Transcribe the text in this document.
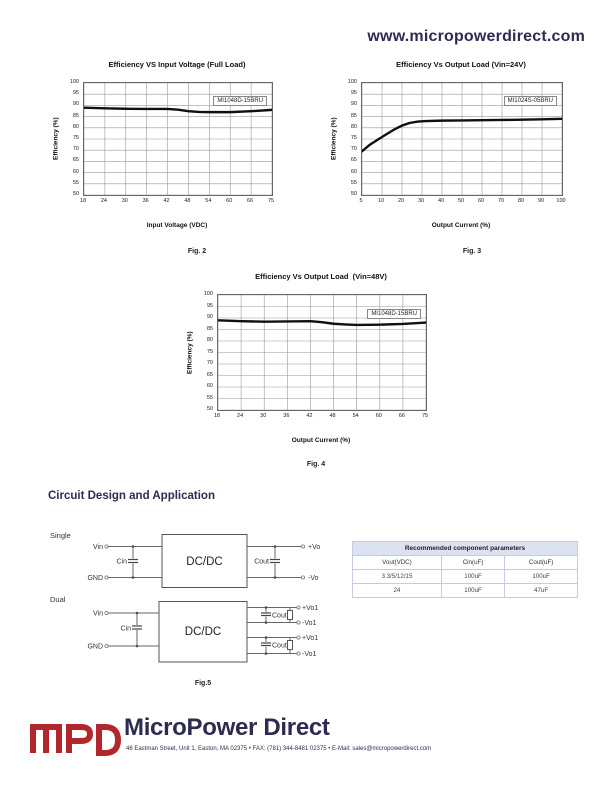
www.micropowerdirect.com
Efficiency VS Input Voltage (Full Load)
Efficiency (%)
100
95
90
85
80
75
70
65
60
55
50
MI1048D-15BRU
18	24	30	36	42	48	54	60	66	75
Input Voltage (VDC)
Efficiency Vs Output Load (Vin=24V)
Efficiency (%)
100
95
90
85
80
75
70
65
60
55
50
MI1024S-05BRU
5	10	20	30	40	50	60	70	80	90 100
Output Current (%)
Efficiency Vs Output Load  (Vin=48V)
Efficiency (%)
100
95
90
85
80
75
70
65
60
55
50
MI1048D-15BRU
18	24	30	36	42	48	54	60	66	75
Output Current (%)
Fig. 2	Fig. 3
Fig. 4
Circuit Design and Application
Single
Vin
GND
Cin	DC/DC	Cout
+Vo
-Vo
Dual
Vin
GND
Cin	DC/DC
Cout
Cout
+Vo1
-Vo1
+Vo1
-Vo1
Fig.5
Recommended component parameters		
Vout(VDC)	Cin(uF)	Cout(uF)
3.3/5/12/15	100uF	100uF
24	100uF	47uF
MicroPower Direct
46 Eastman Street, Unit 1, Easton, MA 02375 • FAX: (781) 344-8481 02375 • E-Mail: sales@micropowerdirect.com
